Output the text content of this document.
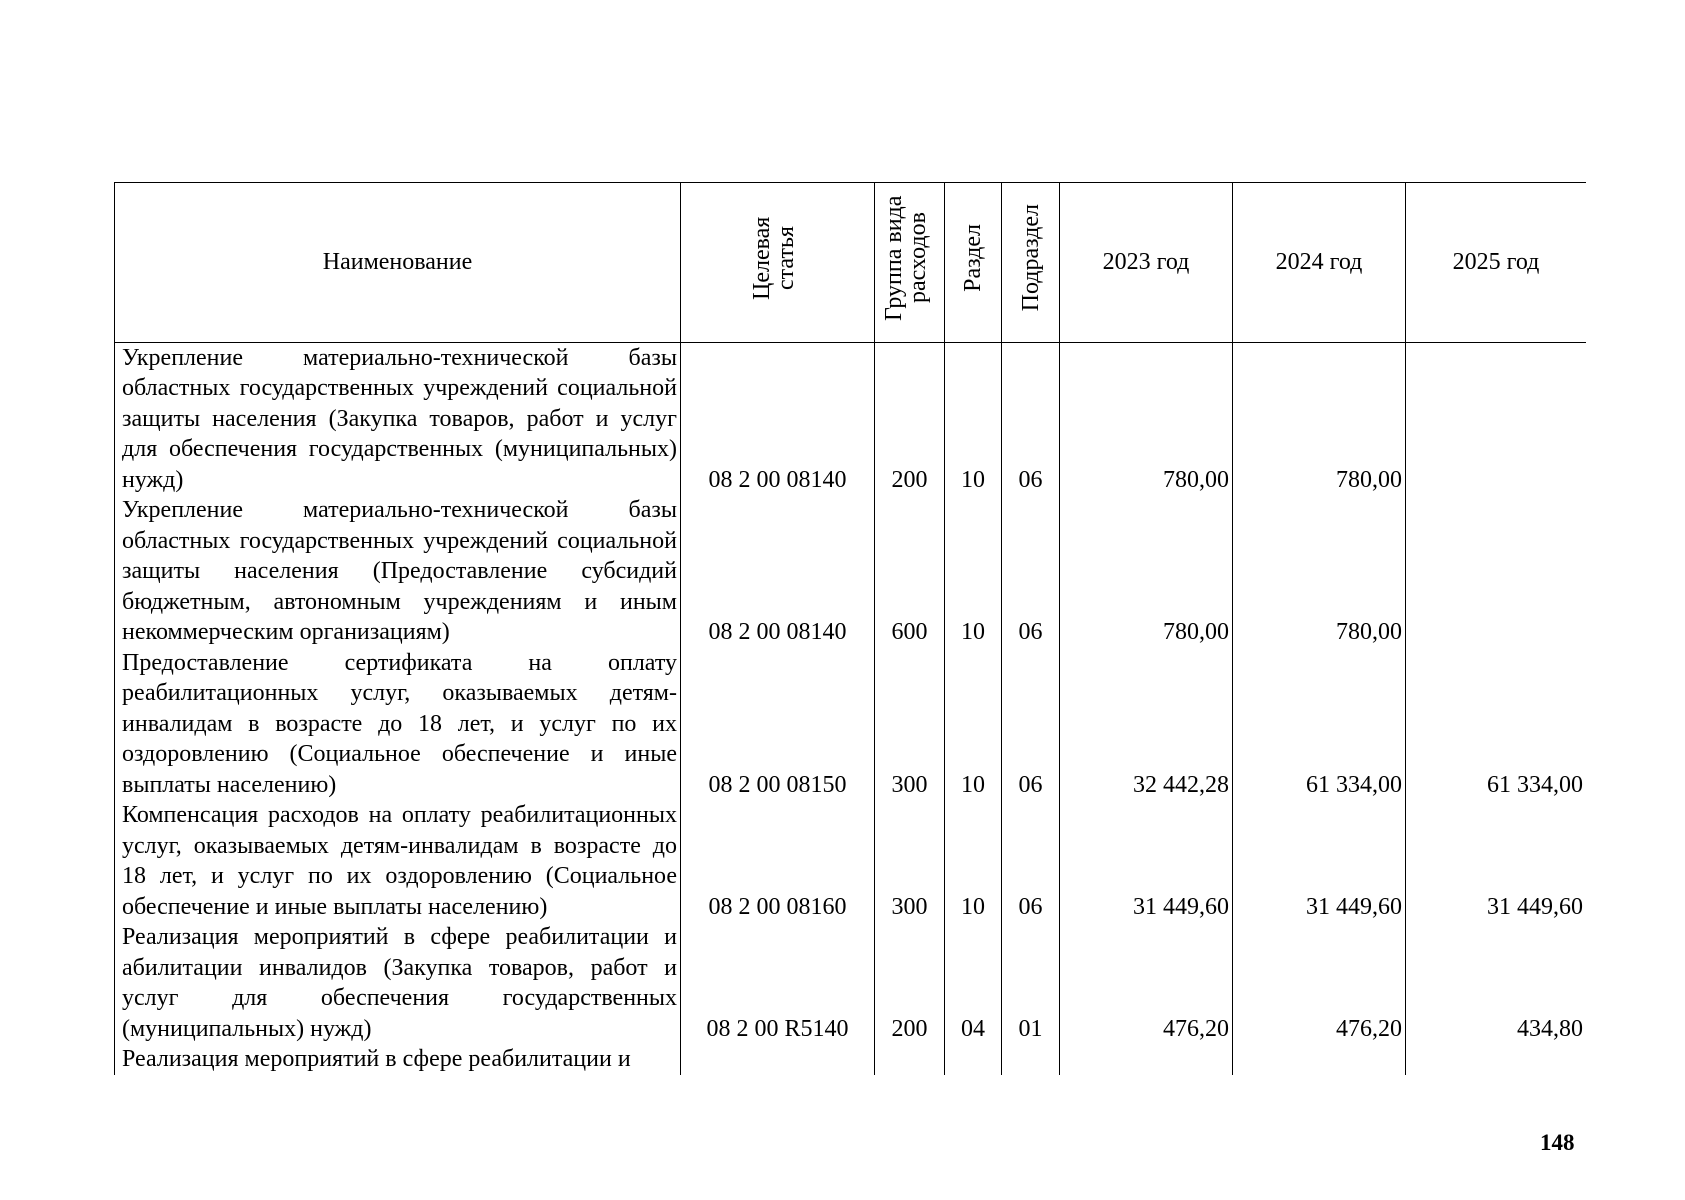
Наименование	Целевая статья	Группа вида расходов	Раздел	Подраздел	2023 год	2024 год	2025 год
Укрепление материально-технической базы областных государственных учреждений социальной защиты населения (Закупка товаров, работ и услуг для обеспечения государственных (муниципальных) нужд)	08 2 00 08140	200	10	06	780,00	780,00	
Укрепление материально-технической базы областных государственных учреждений социальной защиты населения (Предоставление субсидий бюджетным, автономным учреждениям и иным некоммерческим организациям)	08 2 00 08140	600	10	06	780,00	780,00	
Предоставление сертификата на оплату реабилитационных услуг, оказываемых детям-инвалидам в возрасте до 18 лет, и услуг по их оздоровлению (Социальное обеспечение и иные выплаты населению)	08 2 00 08150	300	10	06	32 442,28	61 334,00	61 334,00
Компенсация расходов на оплату реабилитационных услуг, оказываемых детям-инвалидам в возрасте до 18 лет, и услуг по их оздоровлению (Социальное обеспечение и иные выплаты населению)	08 2 00 08160	300	10	06	31 449,60	31 449,60	31 449,60
Реализация мероприятий в сфере реабилитации и абилитации инвалидов (Закупка товаров, работ и услуг для обеспечения государственных (муниципальных) нужд)	08 2 00 R5140	200	04	01	476,20	476,20	434,80
Реализация мероприятий в сфере реабилитации и							
148
